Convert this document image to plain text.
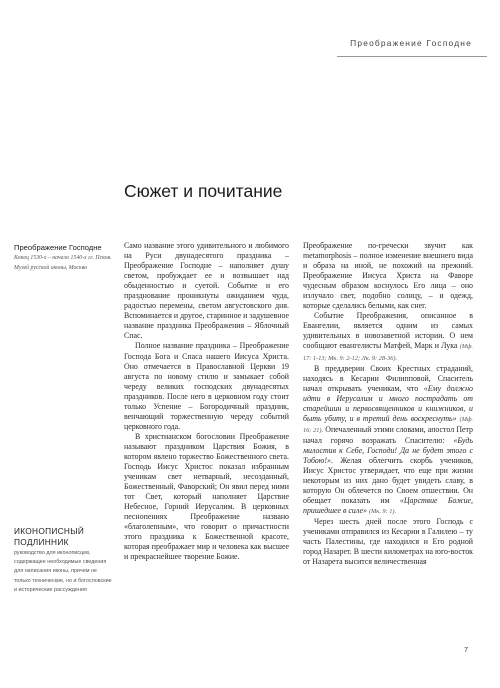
Преображение Господне
Сюжет и почитание

Преображение Господне

Конец 1530-х – начало 1540-х гг. Псков. Музей русской иконы, Москва

ИКОНОПИСНЫЙ ПОДЛИННИК

руководство для иконописцев, содержащее необходимые сведения для написания иконы, причем не только технические, но и богословские и исторические рассуждения

Само название этого удивительного и любимого на Руси двунадесятого праздника – Преображение Господне – наполняет душу светом, пробуждает ее и возвышает над обыденностью и суетой. Событие и его празднование проникнуты ожиданием чуда, радостью перемены, светом августовского дня. Вспоминается и другое, старинное и задушевное название праздника Преображения – Яблочный Спас.

Полное название праздника – Преображение Господа Бога и Спаса нашего Иисуса Христа. Оно отмечается в Православной Церкви 19 августа по новому стилю и замыкает собой череду великих господских двунадесятых праздников. После него в церковном году стоит только Успение – Богородичный праздник, венчающий торжественную череду событий церковного года.

В христианском богословии Преображение называют праздником Царствия Божия, в котором явлено торжество Божественного света. Господь Иисус Христос показал избранным ученикам свет нетварный, несозданный, Божественный, Фаворский; Он явил перед ними тот Свет, который наполняет Царствие Небесное, Горний Иерусалим. В церковных песнопениях Преображение названо «благолепным», что говорит о причастности этого праздника к Божественной красоте, которая преображает мир и человека как высшее и прекраснейшее творение Божие.

Преображение по-гречески звучит как metamorphosis – полное изменение внешнего вида и образа на иной, не похожий на прежний. Преображение Иисуса Христа на Фаворе чудесным образом коснулось Его лица – оно излучало свет, подобно солнцу, – и одежд, которые сделались белыми, как снег.

Событие Преображения, описанное в Евангелии, является одним из самых удивительных в новозаветной истории. О нем сообщают евангелисты Матфей, Марк и Лука (Мф. 17: 1-13; Мк. 9: 2-12; Лк. 9: 28-36).

В преддверии Своих Крестных страданий, находясь в Кесарии Филипповой, Спаситель начал открывать ученикам, что «Ему должно идти в Иерусалим и много пострадать от старейшин и первосвященников и книжников, и быть убиту, и в третий день воскреснуть» (Мф. 16: 21). Опечаленный этими словами, апостол Петр начал горячо возражать Спасителю: «Будь милостив к Себе, Господи! Да не будет этого с Тобою!». Желая облегчить скорбь учеников, Иисус Христос утверждает, что еще при жизни некоторым из них дано будет увидеть славу, в которую Он облечется по Своем отшествии. Он обещает показать им «Царствие Божие, пришедшее в силе» (Мк. 9: 1).

Через шесть дней после этого Господь с учениками отправился из Кесарии в Галилею – ту часть Палестины, где находился и Его родной город Назарет. В шести километрах на юго-восток от Назарета высится величественная

7
